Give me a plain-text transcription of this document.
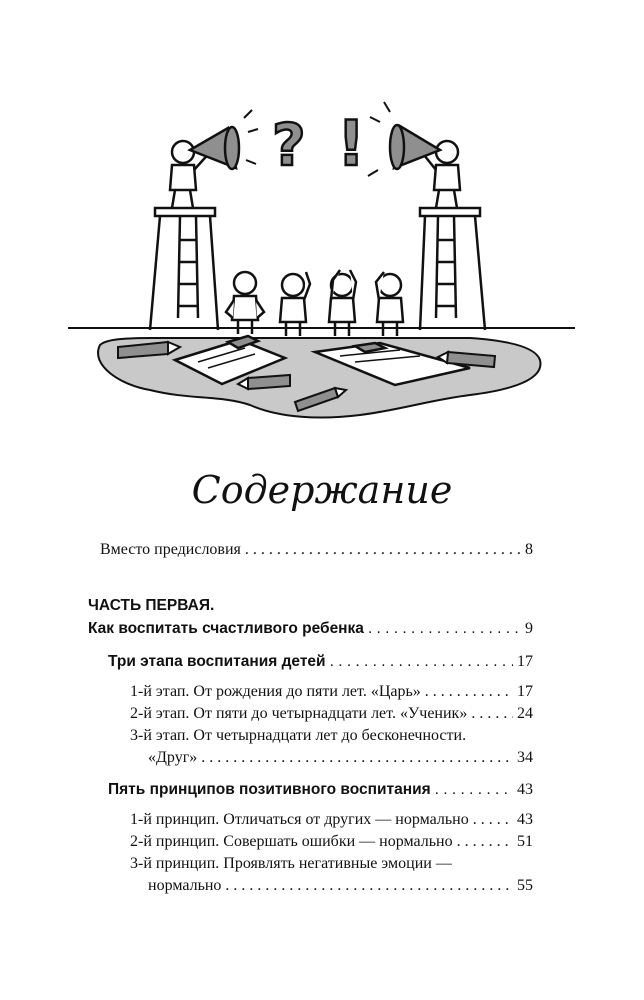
? !
Содержание
Вместо предисловия . . .	8
ЧАСТЬ ПЕРВАЯ.
Как воспитать счастливого ребенка . . .	9
Три этапа воспитания детей . . .	17
1-й этап. От рождения до пяти лет. «Царь» . . .	17
2-й этап. От пяти до четырнадцати лет. «Ученик» . . .	24
3-й этап. От четырнадцати лет до бесконечности.
«Друг» . . .	34
Пять принципов позитивного воспитания . . .	43
1-й принцип. Отличаться от других — нормально . . .	43
2-й принцип. Совершать ошибки — нормально . . .	51
3-й принцип. Проявлять негативные эмоции —
нормально . . .	55
